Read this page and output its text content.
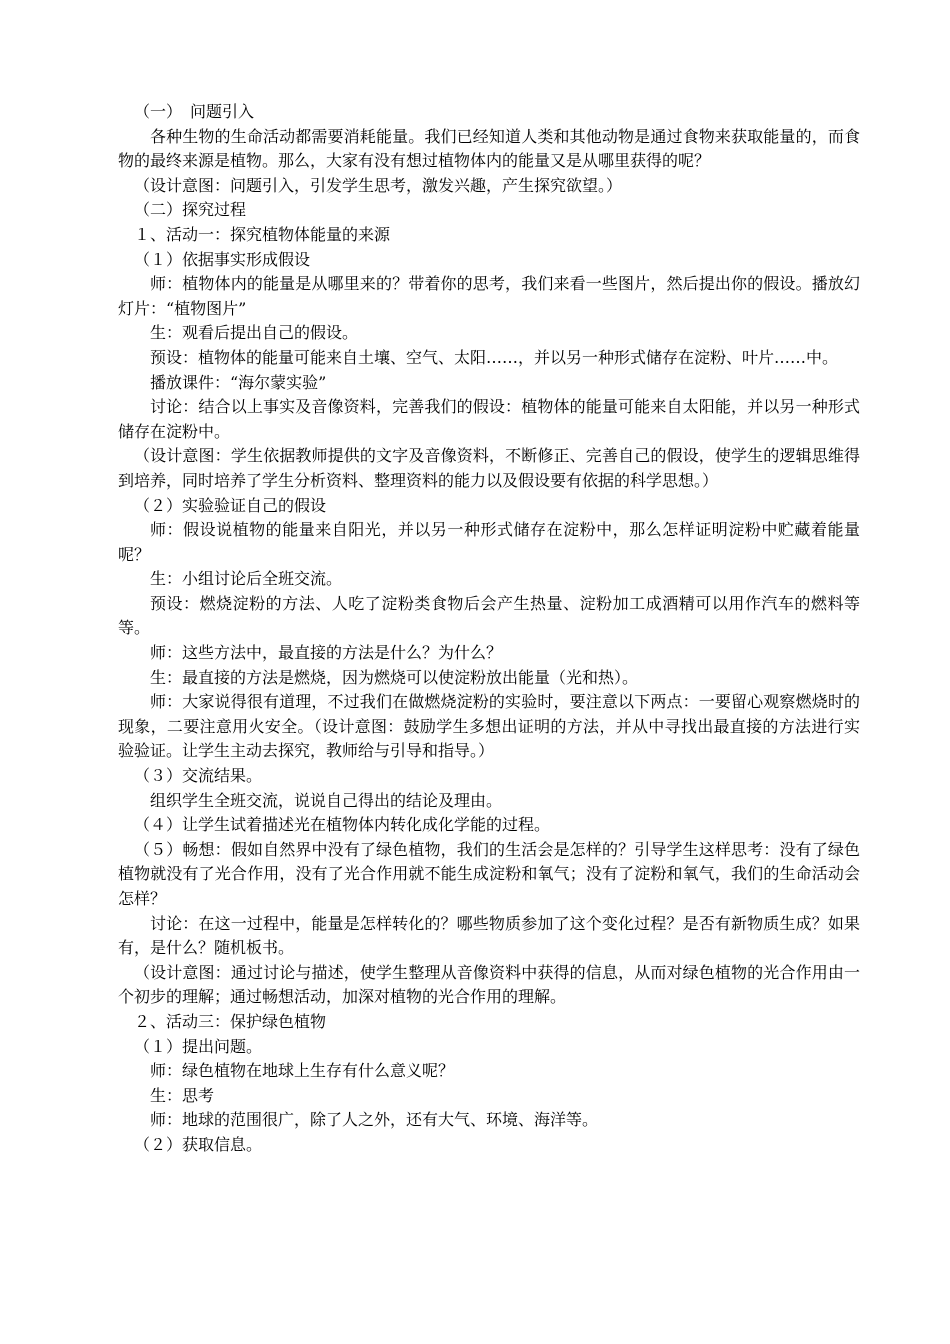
（一）　问题引入

各种生物的生命活动都需要消耗能量。我们已经知道人类和其他动物是通过食物来获取能量的，而食物的最终来源是植物。那么，大家有没有想过植物体内的能量又是从哪里获得的呢？

（设计意图：问题引入，引发学生思考，激发兴趣，产生探究欲望。）

（二）探究过程

１、活动一：探究植物体能量的来源

（１）依据事实形成假设

师：植物体内的能量是从哪里来的？带着你的思考，我们来看一些图片，然后提出你的假设。播放幻灯片：“植物图片”

生：观看后提出自己的假设。

预设：植物体的能量可能来自土壤、空气、太阳……，并以另一种形式储存在淀粉、叶片……中。

播放课件：“海尔蒙实验”

讨论：结合以上事实及音像资料，完善我们的假设：植物体的能量可能来自太阳能，并以另一种形式储存在淀粉中。

（设计意图：学生依据教师提供的文字及音像资料，不断修正、完善自己的假设，使学生的逻辑思维得到培养，同时培养了学生分析资料、整理资料的能力以及假设要有依据的科学思想。）

（２）实验验证自己的假设

师：假设说植物的能量来自阳光，并以另一种形式储存在淀粉中，那么怎样证明淀粉中贮藏着能量呢？

生：小组讨论后全班交流。

预设：燃烧淀粉的方法、人吃了淀粉类食物后会产生热量、淀粉加工成酒精可以用作汽车的燃料等等。

师：这些方法中，最直接的方法是什么？为什么？

生：最直接的方法是燃烧，因为燃烧可以使淀粉放出能量（光和热）。

师：大家说得很有道理，不过我们在做燃烧淀粉的实验时，要注意以下两点：一要留心观察燃烧时的现象，二要注意用火安全。（设计意图：鼓励学生多想出证明的方法，并从中寻找出最直接的方法进行实验验证。让学生主动去探究，教师给与引导和指导。）

（３）交流结果。

组织学生全班交流，说说自己得出的结论及理由。

（４）让学生试着描述光在植物体内转化成化学能的过程。

（５）畅想：假如自然界中没有了绿色植物，我们的生活会是怎样的？引导学生这样思考：没有了绿色植物就没有了光合作用，没有了光合作用就不能生成淀粉和氧气；没有了淀粉和氧气，我们的生命活动会怎样？

讨论：在这一过程中，能量是怎样转化的？哪些物质参加了这个变化过程？是否有新物质生成？如果有，是什么？随机板书。

（设计意图：通过讨论与描述，使学生整理从音像资料中获得的信息，从而对绿色植物的光合作用由一个初步的理解；通过畅想活动，加深对植物的光合作用的理解。

２、活动三：保护绿色植物

（１）提出问题。

师：绿色植物在地球上生存有什么意义呢？

生：思考

师：地球的范围很广，除了人之外，还有大气、环境、海洋等。

（２）获取信息。
